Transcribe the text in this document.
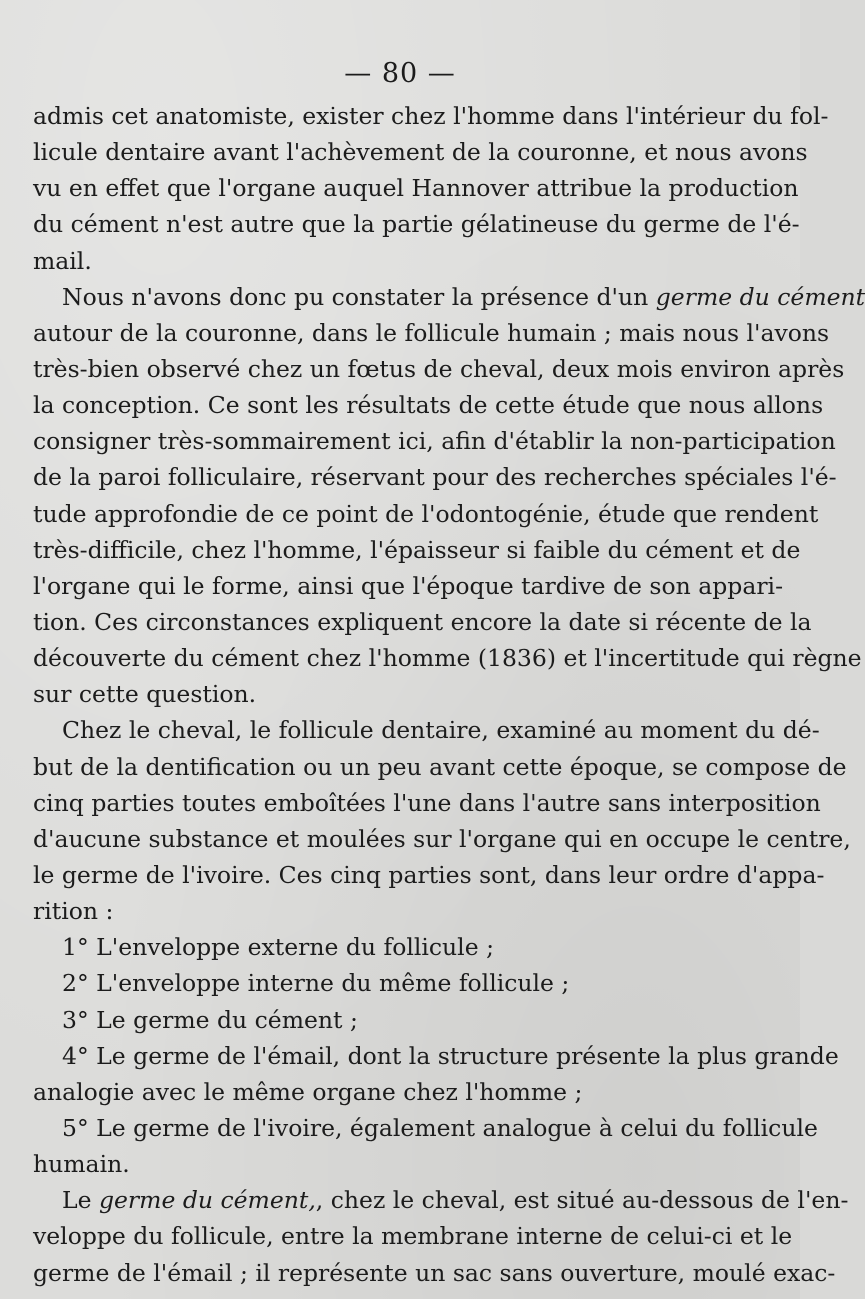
— 80 —
admis cet anatomiste, exister chez l'homme dans l'intérieur du fol-
licule dentaire avant l'achèvement de la couronne, et nous avons
vu en effet que l'organe auquel Hannover attribue la production
du cément n'est autre que la partie gélatineuse du germe de l'é-
mail.
Nous n'avons donc pu constater la présence d'un germe du cément
autour de la couronne, dans le follicule humain ; mais nous l'avons
très-bien observé chez un fœtus de cheval, deux mois environ après
la conception. Ce sont les résultats de cette étude que nous allons
consigner très-sommairement ici, afin d'établir la non-participation
de la paroi folliculaire, réservant pour des recherches spéciales l'é-
tude approfondie de ce point de l'odontogénie, étude que rendent
très-difficile, chez l'homme, l'épaisseur si faible du cément et de
l'organe qui le forme, ainsi que l'époque tardive de son appari-
tion. Ces circonstances expliquent encore la date si récente de la
découverte du cément chez l'homme (1836) et l'incertitude qui règne
sur cette question.
Chez le cheval, le follicule dentaire, examiné au moment du dé-
but de la dentification ou un peu avant cette époque, se compose de
cinq parties toutes emboîtées l'une dans l'autre sans interposition
d'aucune substance et moulées sur l'organe qui en occupe le centre,
le germe de l'ivoire. Ces cinq parties sont, dans leur ordre d'appa-
rition :
1° L'enveloppe externe du follicule ;
2° L'enveloppe interne du même follicule ;
3° Le germe du cément ;
4° Le germe de l'émail, dont la structure présente la plus grande
analogie avec le même organe chez l'homme ;
5° Le germe de l'ivoire, également analogue à celui du follicule
humain.
Le germe du cément,, chez le cheval, est situé au-dessous de l'en-
veloppe du follicule, entre la membrane interne de celui-ci et le
germe de l'émail ; il représente un sac sans ouverture, moulé exac-
